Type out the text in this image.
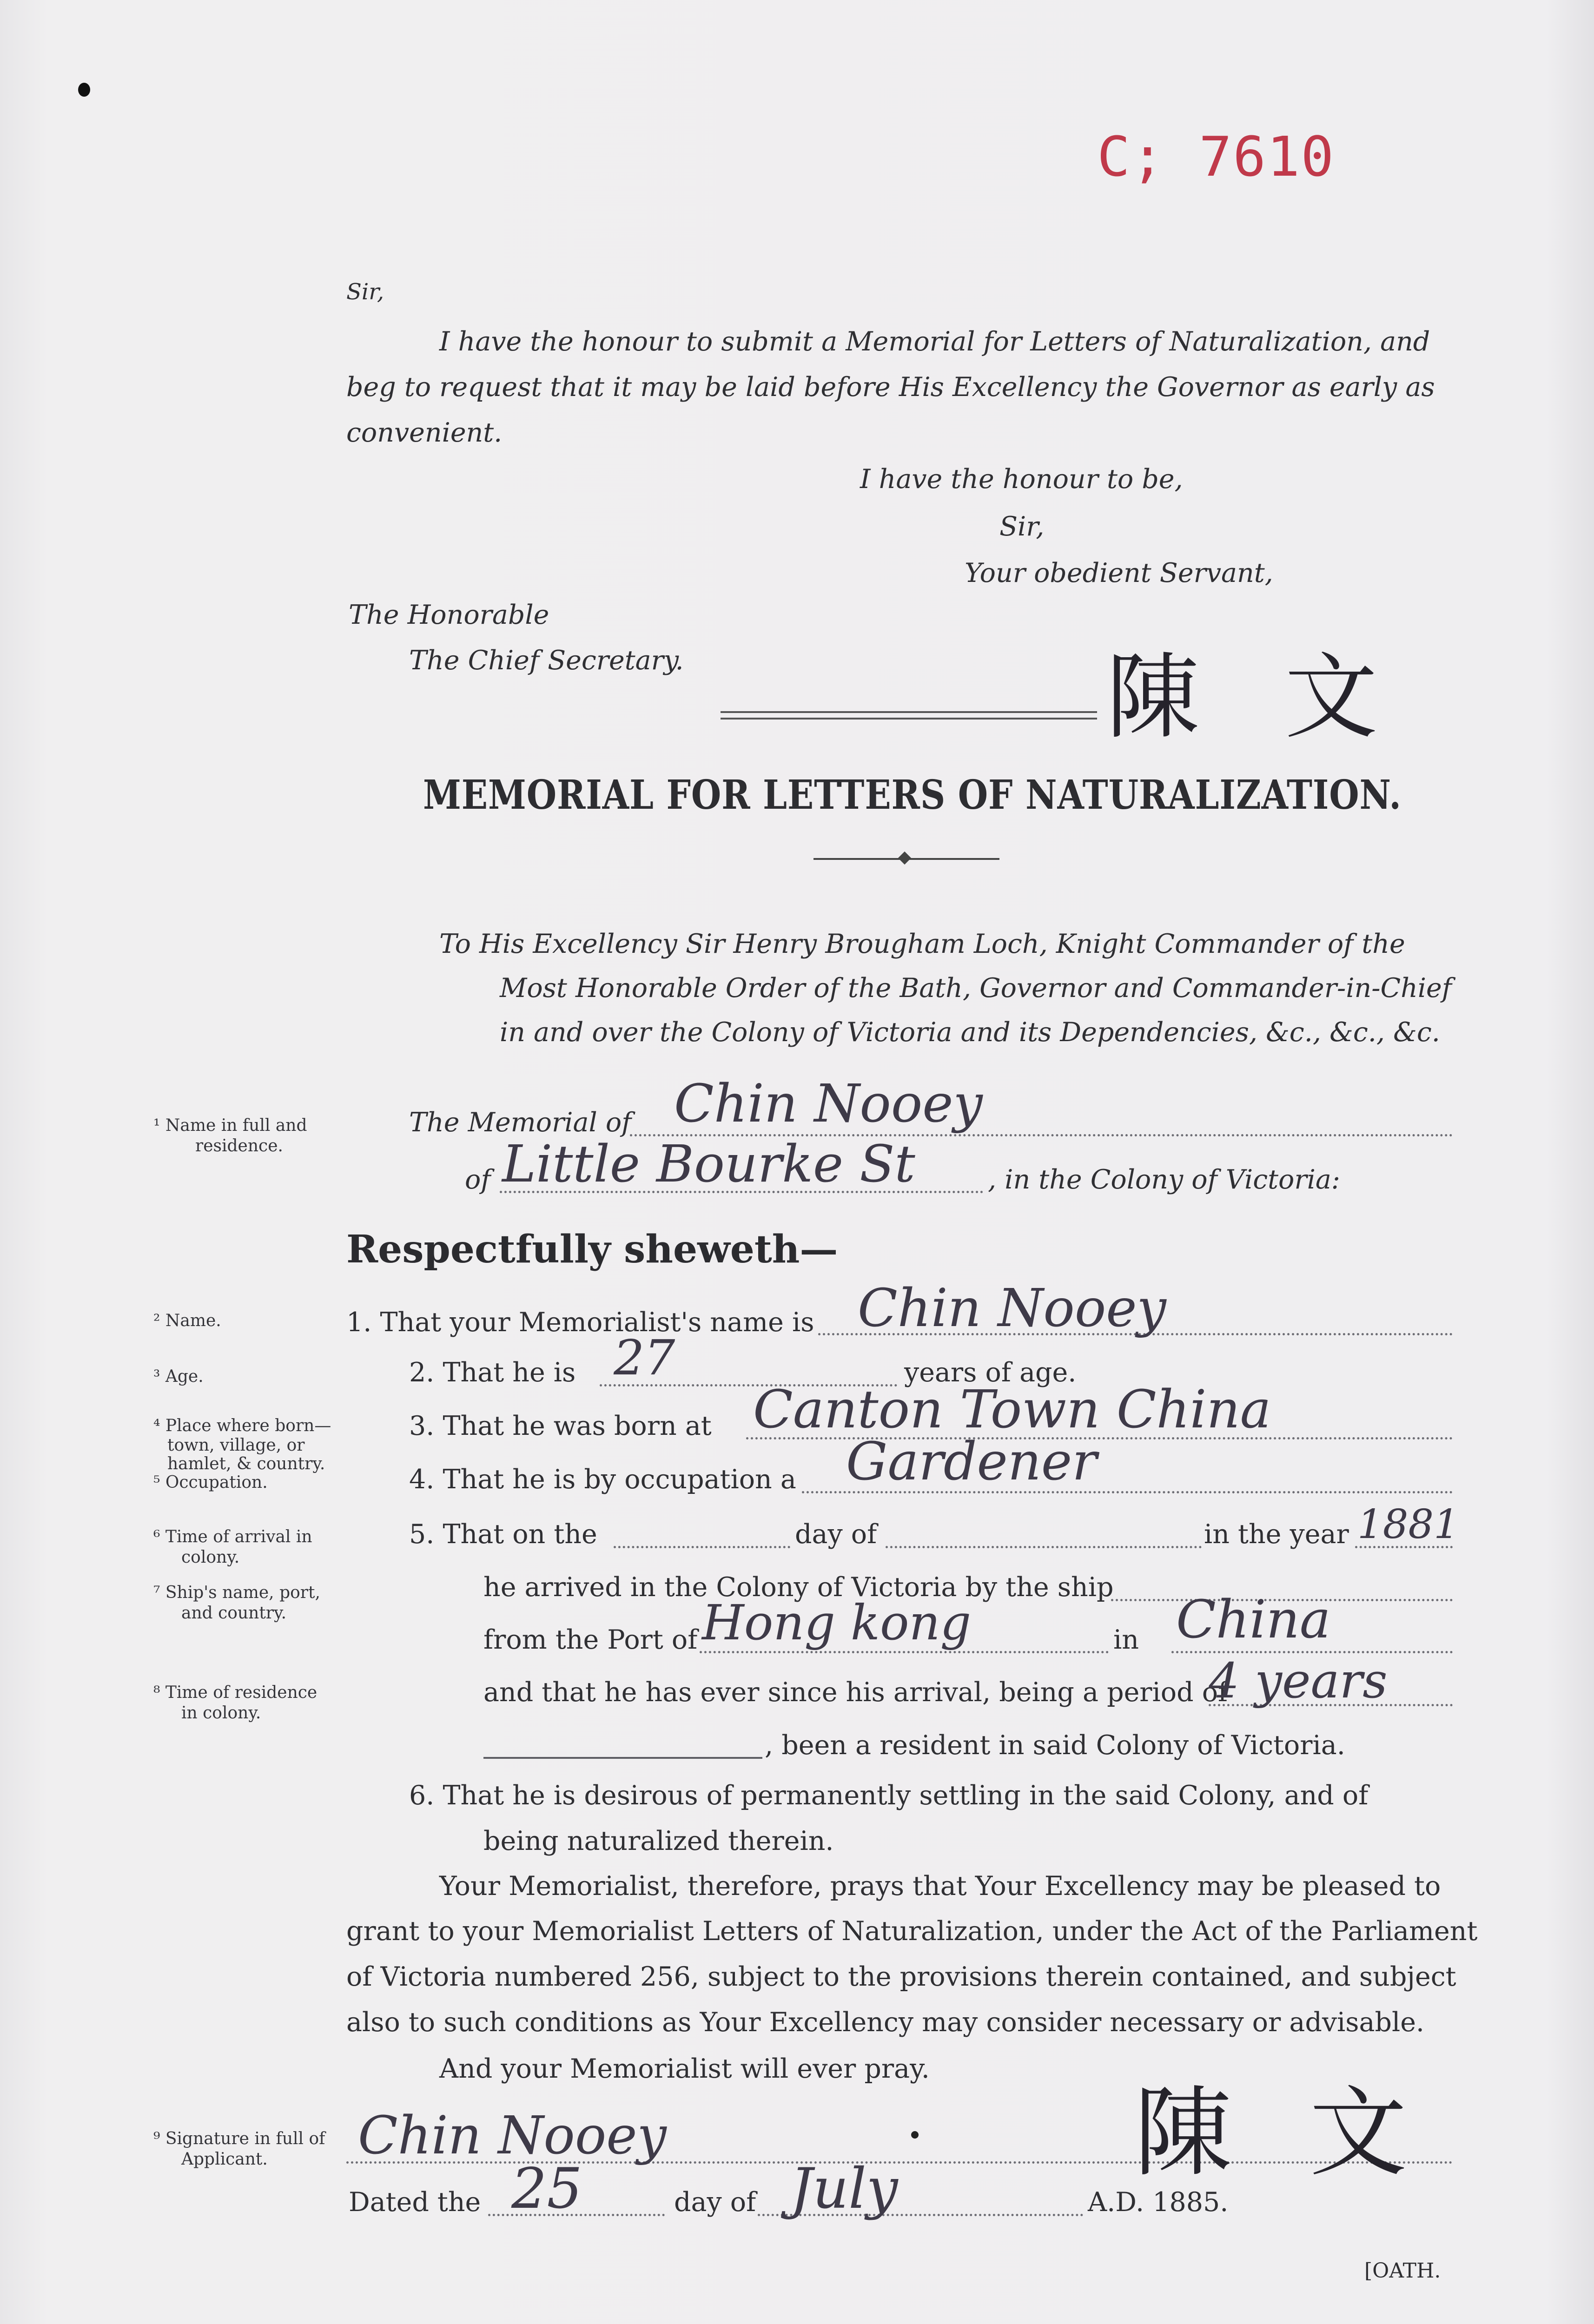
C; 7610
Sir,
I have the honour to submit a Memorial for Letters of Naturalization, and
beg to request that it may be laid before His Excellency the Governor as early as
convenient.
I have the honour to be,
Sir,
Your obedient Servant,
The Honorable
The Chief Secretary.	陳 文
MEMORIAL FOR LETTERS OF NATURALIZATION.
To His Excellency Sir Henry Brougham Loch, Knight Commander of the
Most Honorable Order of the Bath, Governor and Commander-in-Chief
in and over the Colony of Victoria and its Dependencies, &c., &c., &c.
¹ Name in full and
residence.
² Name.
³ Age.
⁴ Place where born—
town, village, or
hamlet, & country.
⁵ Occupation.
⁶ Time of arrival in
colony.
⁷ Ship's name, port,
and country.
⁸ Time of residence
in colony.
⁹ Signature in full of
Applicant.
The Memorial of Chin Nooey
of Little Bourke St	, in the Colony of Victoria:
Respectfully sheweth—
1. That your Memorialist's name is Chin Nooey
2. That he is 27	years of age.
3. That he was born at Canton Town China
4. That he is by occupation a Gardener
5. That on the	day of	in the year 1881
he arrived in the Colony of Victoria by the ship
from the Port of Hong kong	in China
and that he has ever since his arrival, being a period of
4 years
, been a resident in said Colony of Victoria.
6. That he is desirous of permanently settling in the said Colony, and of
being naturalized therein.
Your Memorialist, therefore, prays that Your Excellency may be pleased to
grant to your Memorialist Letters of Naturalization, under the Act of the Parliament
of Victoria numbered 256, subject to the provisions therein contained, and subject
also to such conditions as Your Excellency may consider necessary or advisable.
And your Memorialist will ever pray.
Chin Nooey	陳 文
Dated the 25	day of July	A.D. 1885.
[OATH.
